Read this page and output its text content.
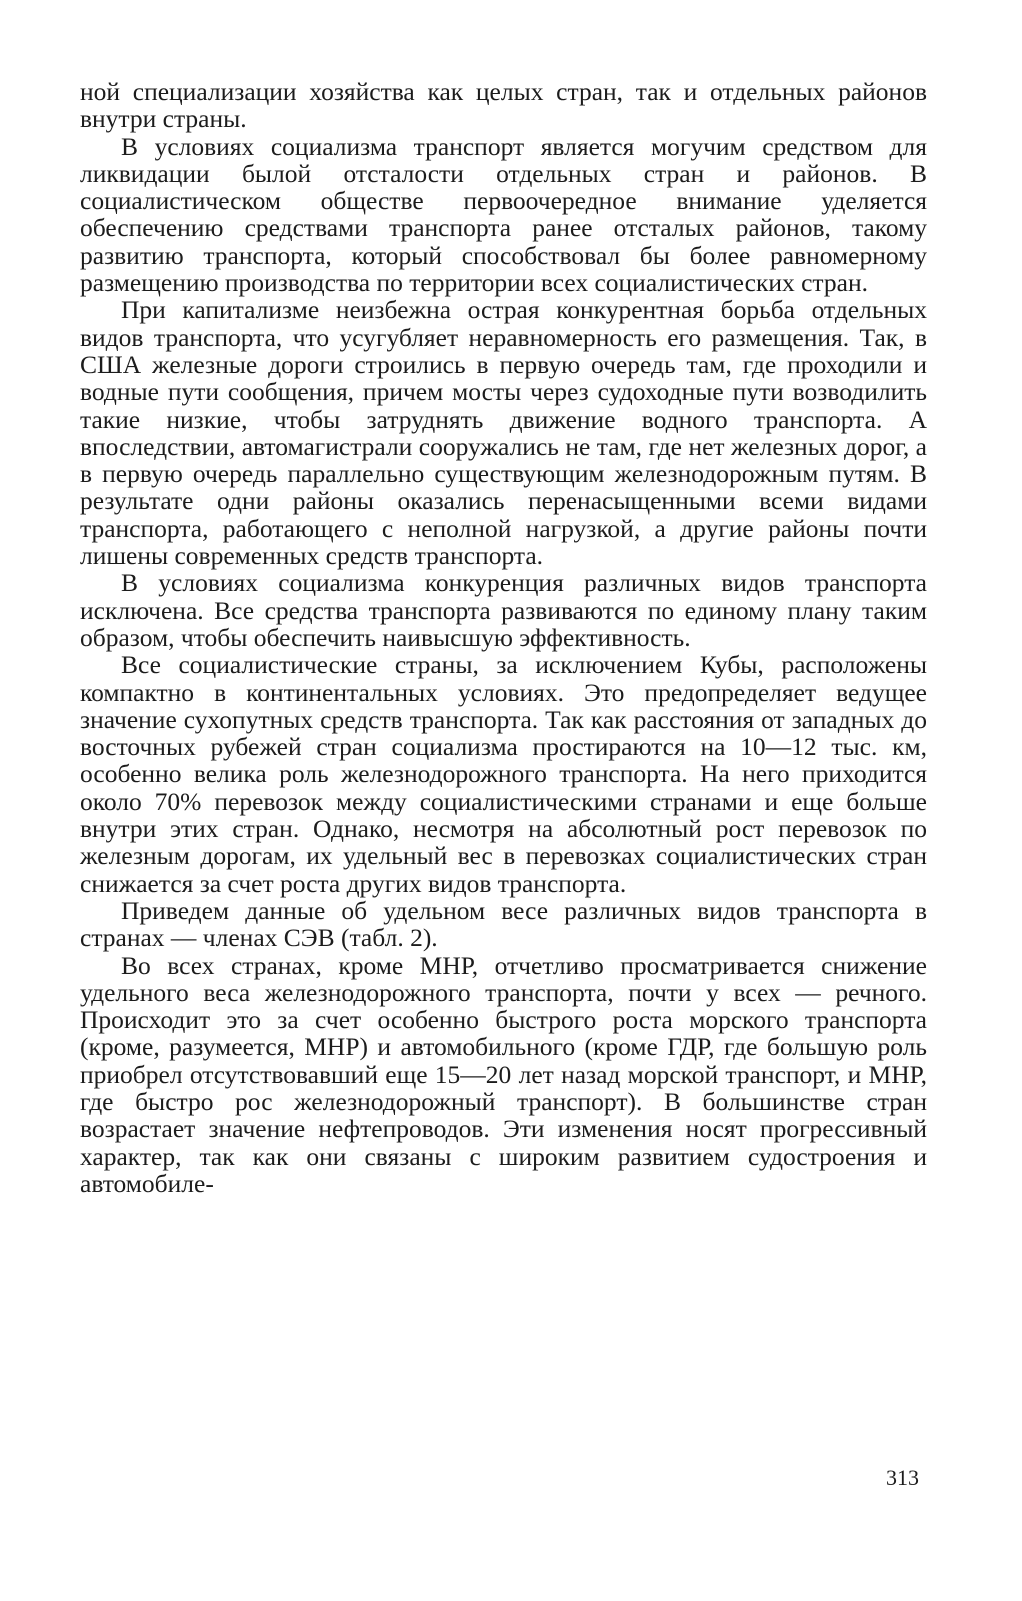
ной специализации хозяйства как целых стран, так и отдельных районов внутри страны.

В условиях социализма транспорт является могучим средством для ликвидации былой отсталости отдельных стран и районов. В социалистическом обществе первоочередное внимание уделяется обеспечению средствами транспорта ранее отсталых районов, такому развитию транспорта, который способствовал бы более равномерному размещению производства по территории всех социалистических стран.

При капитализме неизбежна острая конкурентная борьба отдельных видов транспорта, что усугубляет неравномерность его размещения. Так, в США железные дороги строились в первую очередь там, где проходили и водные пути сообщения, причем мосты через судоходные пути возводилить такие низкие, чтобы затруднять движение водного транспорта. А впоследствии, автомагистрали сооружались не там, где нет железных дорог, а в первую очередь параллельно существующим железнодорожным путям. В результате одни районы оказались перенасыщенными всеми видами транспорта, работающего с неполной нагрузкой, а другие районы почти лишены современных средств транспорта.

В условиях социализма конкуренция различных видов транспорта исключена. Все средства транспорта развиваются по единому плану таким образом, чтобы обеспечить наивысшую эффективность.

Все социалистические страны, за исключением Кубы, расположены компактно в континентальных условиях. Это предопределяет ведущее значение сухопутных средств транспорта. Так как расстояния от западных до восточных рубежей стран социализма простираются на 10—12 тыс. км, особенно велика роль железнодорожного транспорта. На него приходится около 70% перевозок между социалистическими странами и еще больше внутри этих стран. Однако, несмотря на абсолютный рост перевозок по железным дорогам, их удельный вес в перевозках социалистических стран снижается за счет роста других видов транспорта.

Приведем данные об удельном весе различных видов транспорта в странах — членах СЭВ (табл. 2).

Во всех странах, кроме МНР, отчетливо просматривается снижение удельного веса железнодорожного транспорта, почти у всех — речного. Происходит это за счет особенно быстрого роста морского транспорта (кроме, разумеется, МНР) и автомобильного (кроме ГДР, где большую роль приобрел отсутствовавший еще 15—20 лет назад морской транспорт, и МНР, где быстро рос железнодорожный транспорт). В большинстве стран возрастает значение нефтепроводов. Эти изменения носят прогрессивный характер, так как они связаны с широким развитием судостроения и автомобиле-

313
